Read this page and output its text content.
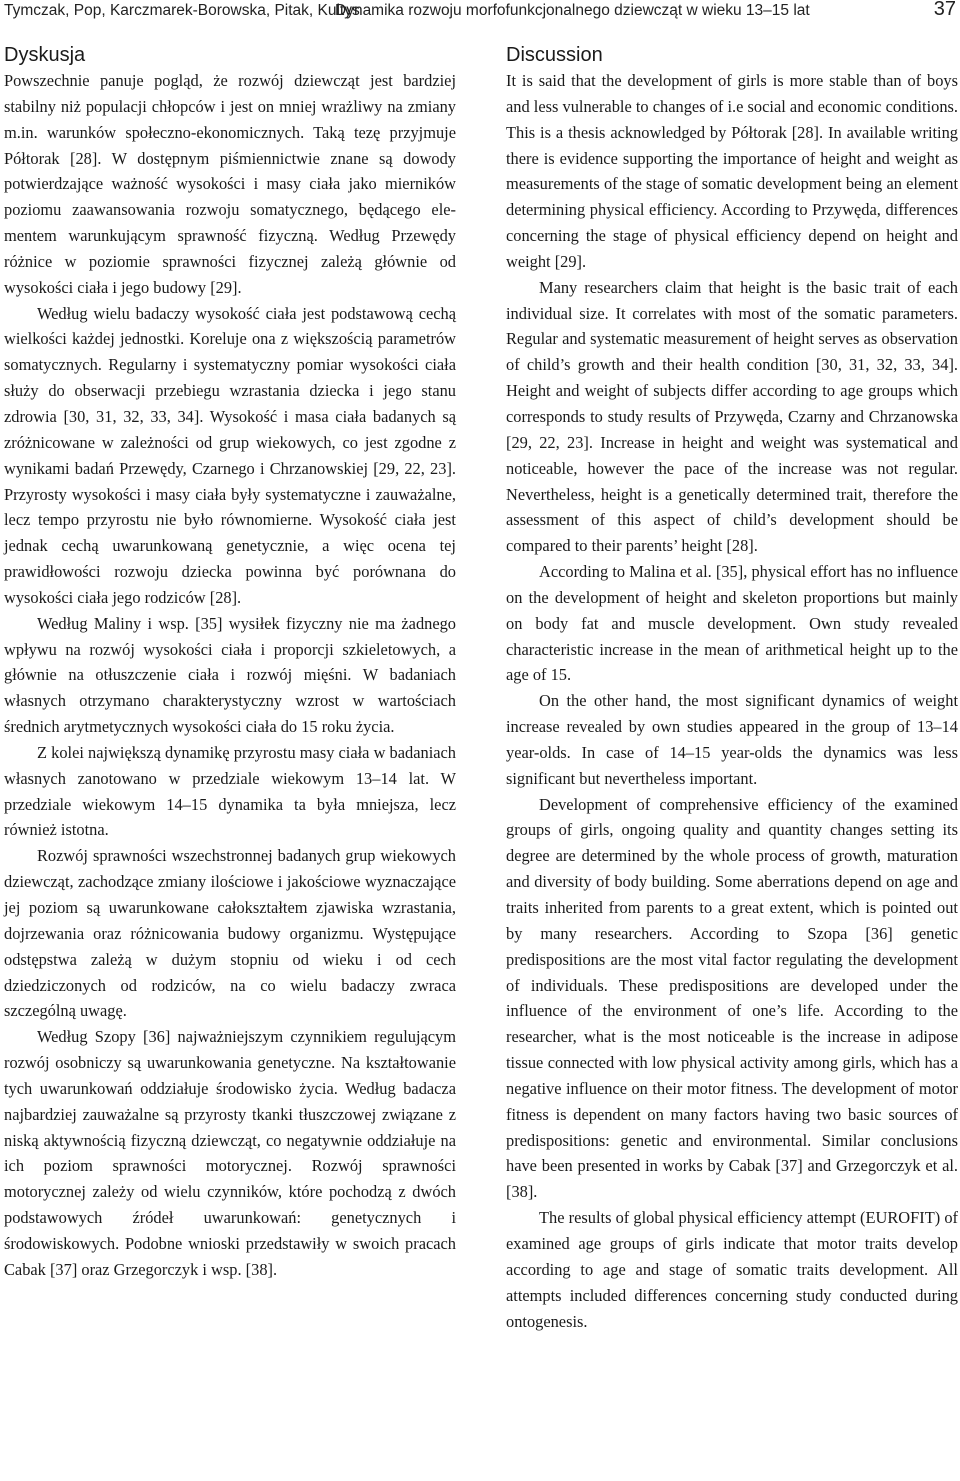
Tymczak, Pop, Karczmarek-Borowska, Pitak, Kultys
Dynamika rozwoju morfofunkcjonalnego dziewcząt w wieku 13–15 lat	37
Dyskusja

Powszechnie panuje pogląd, że rozwój dziewcząt jest bardziej stabilny niż populacji chłopców i jest on mniej wrażliwy na zmiany m.in. warunków społeczno-ekonomicznych. Taką tezę przyjmuje Półtorak [28]. W dostępnym piśmiennictwie znane są dowody potwierdzające ważność wysokości i masy ciała jako mierników poziomu zaawansowania rozwoju somatycznego, będącego elementem warunkującym sprawność fizyczną. Według Przewędy różnice w poziomie sprawności fizycznej zależą głównie od wysokości ciała i jego budowy [29].

Według wielu badaczy wysokość ciała jest podstawową cechą wielkości każdej jednostki. Koreluje ona z większością parametrów somatycznych. Regularny i systematyczny pomiar wysokości ciała służy do obserwacji przebiegu wzrastania dziecka i jego stanu zdrowia [30, 31, 32, 33, 34]. Wysokość i masa ciała badanych są zróżnicowane w zależności od grup wiekowych, co jest zgodne z wynikami badań Przewędy, Czarnego i Chrzanowskiej [29, 22, 23]. Przyrosty wysokości i masy ciała były systematyczne i zauważalne, lecz tempo przyrostu nie było równomierne. Wysokość ciała jest jednak cechą uwarunkowaną genetycznie, a więc ocena tej prawidłowości rozwoju dziecka powinna być porównana do wysokości ciała jego rodziców [28].

Według Maliny i wsp. [35] wysiłek fizyczny nie ma żadnego wpływu na rozwój wysokości ciała i proporcji szkieletowych, a głównie na otłuszczenie ciała i rozwój mięśni. W badaniach własnych otrzymano charakterystyczny wzrost w wartościach średnich arytmetycznych wysokości ciała do 15 roku życia.

Z kolei największą dynamikę przyrostu masy ciała w badaniach własnych zanotowano w przedziale wiekowym 13–14 lat. W przedziale wiekowym 14–15 dynamika ta była mniejsza, lecz również istotna.

Rozwój sprawności wszechstronnej badanych grup wiekowych dziewcząt, zachodzące zmiany ilościowe i jakościowe wyznaczające jej poziom są uwarunkowane całokształtem zjawiska wzrastania, dojrzewania oraz różnicowania budowy organizmu. Występujące odstępstwa zależą w dużym stopniu od wieku i od cech dziedziczonych od rodziców, na co wielu badaczy zwraca szczególną uwagę.

Według Szopy [36] najważniejszym czynnikiem regulującym rozwój osobniczy są uwarunkowania genetyczne. Na kształtowanie tych uwarunkowań oddziałuje środowisko życia. Według badacza najbardziej zauważalne są przyrosty tkanki tłuszczowej związane z niską aktywnością fizyczną dziewcząt, co negatywnie oddziałuje na ich poziom sprawności motorycznej. Rozwój sprawności motorycznej zależy od wielu czynników, które pochodzą z dwóch podstawowych źródeł uwarunkowań: genetycznych i środowiskowych. Podobne wnioski przedstawiły w swoich pracach Cabak [37] oraz Grzegorczyk i wsp. [38].

Discussion

It is said that the development of girls is more stable than of boys and less vulnerable to changes of i.e social and economic conditions. This is a thesis acknowledged by Półtorak [28]. In available writing there is evidence supporting the importance of height and weight as measurements of the stage of somatic development being an element determining physical efficiency. According to Przywęda, differences concerning the stage of physical efficiency depend on height and weight [29].

Many researchers claim that height is the basic trait of each individual size. It correlates with most of the somatic parameters. Regular and systematic measurement of height serves as observation of child’s growth and their health condition [30, 31, 32, 33, 34]. Height and weight of subjects differ according to age groups which corresponds to study results of Przywęda, Czarny and Chrzanowska [29, 22, 23]. Increase in height and weight was systematical and noticeable, however the pace of the increase was not regular. Nevertheless, height is a genetically determined trait, therefore the assessment of this aspect of child’s development should be compared to their parents’ height [28].

According to Malina et al. [35], physical effort has no influence on the development of height and skeleton proportions but mainly on body fat and muscle development. Own study revealed characteristic increase in the mean of arithmetical height up to the age of 15.

On the other hand, the most significant dynamics of weight increase revealed by own studies appeared in the group of 13–14 year-olds. In case of 14–15 year-olds the dynamics was less significant but nevertheless important.

Development of comprehensive efficiency of the examined groups of girls, ongoing quality and quantity changes setting its degree are determined by the whole process of growth, maturation and diversity of body building. Some aberrations depend on age and traits inherited from parents to a great extent, which is pointed out by many researchers. According to Szopa [36] genetic predispositions are the most vital factor regulating the development of individuals. These predispositions are developed under the influence of the environment of one’s life. According to the researcher, what is the most noticeable is the increase in adipose tissue connected with low physical activity among girls, which has a negative influence on their motor fitness. The development of motor fitness is dependent on many factors having two basic sources of predispositions: genetic and environmental. Similar conclusions have been presented in works by Cabak [37] and Grzegorczyk et al. [38].

The results of global physical efficiency attempt (EUROFIT) of examined age groups of girls indicate that motor traits develop according to age and stage of somatic traits development. All attempts included differences concerning study conducted during ontogenesis.
